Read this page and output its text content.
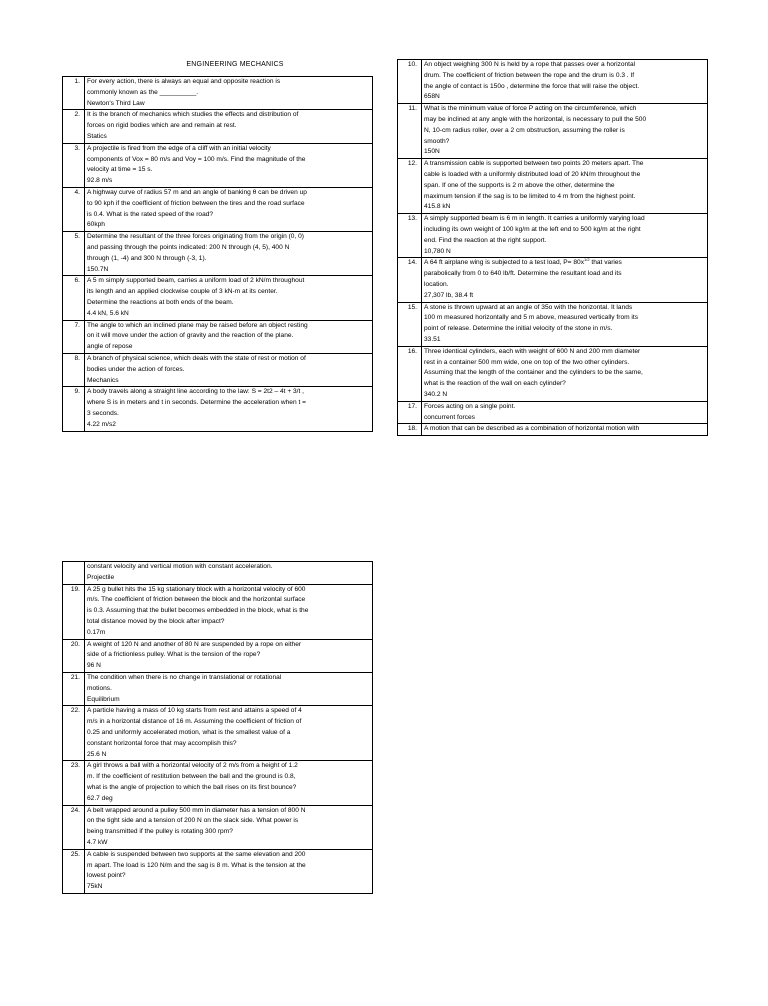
ENGINEERING MECHANICS
1.	For every action, there is always an equal and opposite reaction is
commonly known as the __________.
Newton's Third Law

2.	It is the branch of mechanics which studies the effects and distribution of
forces on rigid bodies which are and remain at rest.
Statics

3.	A projectile is fired from the edge of a cliff with an initial velocity
components of Vox = 80 m/s and Voy = 100 m/s. Find the magnitude of the
velocity at time = 15 s.
92.8 m/s

4.	A highway curve of radius 57 m and an angle of banking θ can be driven up
to 90 kph if the coefficient of friction between the tires and the road surface
is 0.4. What is the rated speed of the road?
60kph

5.	Determine the resultant of the three forces originating from the origin (0, 0)
and passing through the points indicated: 200 N through (4, 5), 400 N
through (1, -4) and 300 N through (-3, 1).
150.7N

6.	A 5 m simply supported beam, carries a uniform load of 2 kN/m throughout
its length and an applied clockwise couple of 3 kN-m at its center.
Determine the reactions at both ends of the beam.
4.4 kN, 5.6 kN

7.	The angle to which an inclined plane may be raised before an object resting
on it will move under the action of gravity and the reaction of the plane.
angle of repose

8.	A branch of physical science, which deals with the state of rest or motion of
bodies under the action of forces.
Mechanics

9.	A body travels along a straight line according to the law: S = 2t2 – 4t + 3/t ,
where S is in meters and t in seconds. Determine the acceleration when t =
3 seconds.
4.22 m/s2
10.	An object weighing 300 N is held by a rope that passes over a horizontal
drum. The coefficient of friction between the rope and the drum is 0.3 . If
the angle of contact is 150o , determine the force that will raise the object.
658N

11.	What is the minimum value of force P acting on the circumference, which
may be inclined at any angle with the horizontal, is necessary to pull the 500
N, 10-cm radius roller, over a 2 cm obstruction, assuming the roller is
smooth?
150N

12.	A transmission cable is supported between two points 20 meters apart. The
cable is loaded with a uniformly distributed load of 20 kN/m throughout the
span. If one of the supports is 2 m above the other, determine the
maximum tension if the sag is to be limited to 4 m from the highest point.
415.8 kN

13.	A simply supported beam is 6 m in length. It carries a uniformly varying load
including its own weight of 100 kg/m at the left end to 500 kg/m at the right
end. Find the reaction at the right support.
10,780 N

14.	A 64 ft airplane wing is subjected to a test load, $P= 80x^{1/2}$ that varies
parabolically from 0 to 640 lb/ft. Determine the resultant load and its
location.
27,307 lb, 38.4 ft

15.	A stone is thrown upward at an angle of 35o with the horizontal. It lands
100 m measured horizontally and 5 m above, measured vertically from its
point of release. Determine the initial velocity of the stone in m/s.
33.51

16.	Three identical cylinders, each with weight of 600 N and 200 mm diameter
rest in a container 500 mm wide, one on top of the two other cylinders.
Assuming that the length of the container and the cylinders to be the same,
what is the reaction of the wall on each cylinder?
340.2 N

17.	Forces acting on a single point.
concurrent forces

18.	A motion that can be described as a combination of horizontal motion with

	constant velocity and vertical motion with constant acceleration.
Projectile

19.	A 25 g bullet hits the 15 kg stationary block with a horizontal velocity of 600
m/s. The coefficient of friction between the block and the horizontal surface
is 0.3. Assuming that the bullet becomes embedded in the block, what is the
total distance moved by the block after impact?
0.17m

20.	A weight of 120 N and another of 80 N are suspended by a rope on either
side of a frictionless pulley. What is the tension of the rope?
96 N

21.	The condition when there is no change in translational or rotational
motions.
Equilibrium

22.	A particle having a mass of 10 kg starts from rest and attains a speed of 4
m/s in a horizontal distance of 16 m. Assuming the coefficient of friction of
0.25 and uniformly accelerated motion, what is the smallest value of a
constant horizontal force that may accomplish this?
25.6 N

23.	A girl throws a ball with a horizontal velocity of 2 m/s from a height of 1.2
m. If the coefficient of restitution between the ball and the ground is 0.8,
what is the angle of projection to which the ball rises on its first bounce?
62.7 deg

24.	A belt wrapped around a pulley 500 mm in diameter has a tension of 800 N
on the tight side and a tension of 200 N on the slack side. What power is
being transmitted if the pulley is rotating 300 rpm?
4.7 kW

25.	A cable is suspended between two supports at the same elevation and 200
m apart. The load is 120 N/m and the sag is 8 m. What is the tension at the
lowest point?
75kN
